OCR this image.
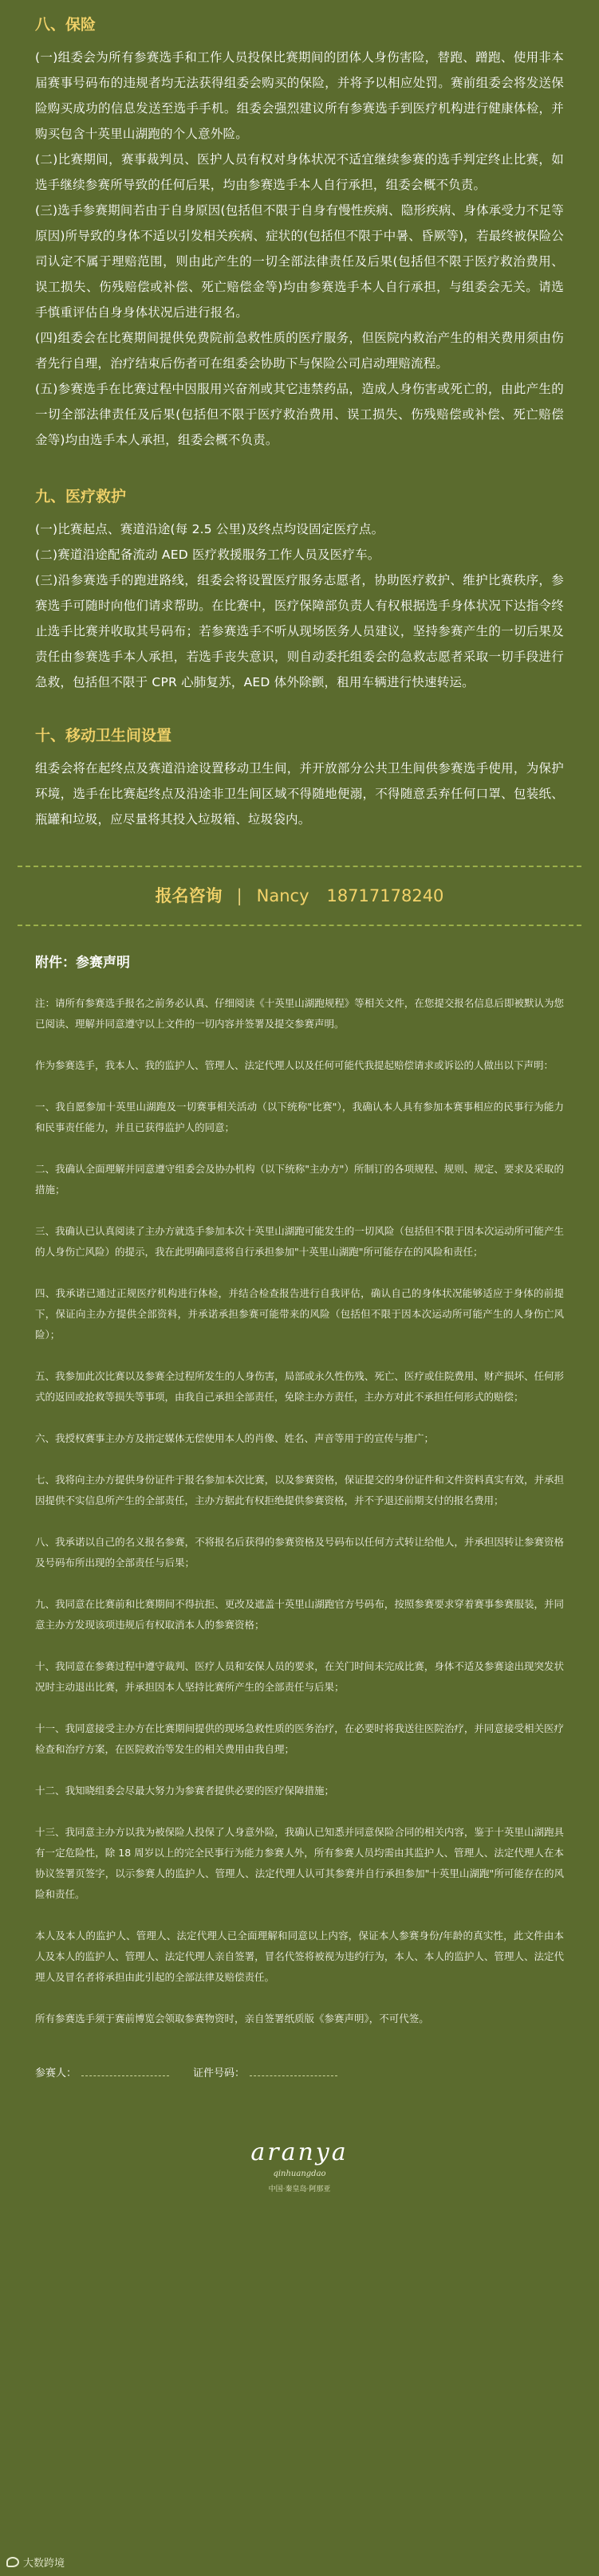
八、保险

(一)组委会为所有参赛选手和工作人员投保比赛期间的团体人身伤害险，替跑、蹭跑、使用非本届赛事号码布的违规者均无法获得组委会购买的保险，并将予以相应处罚。赛前组委会将发送保险购买成功的信息发送至选手手机。组委会强烈建议所有参赛选手到医疗机构进行健康体检，并购买包含十英里山湖跑的个人意外险。

(二)比赛期间，赛事裁判员、医护人员有权对身体状况不适宜继续参赛的选手判定终止比赛，如选手继续参赛所导致的任何后果，均由参赛选手本人自行承担，组委会概不负责。

(三)选手参赛期间若由于自身原因(包括但不限于自身有慢性疾病、隐形疾病、身体承受力不足等原因)所导致的身体不适以引发相关疾病、症状的(包括但不限于中暑、昏厥等)，若最终被保险公司认定不属于理赔范围，则由此产生的一切全部法律责任及后果(包括但不限于医疗救治费用、误工损失、伤残赔偿或补偿、死亡赔偿金等)均由参赛选手本人自行承担，与组委会无关。请选手慎重评估自身身体状况后进行报名。

(四)组委会在比赛期间提供免费院前急救性质的医疗服务，但医院内救治产生的相关费用须由伤者先行自理，治疗结束后伤者可在组委会协助下与保险公司启动理赔流程。

(五)参赛选手在比赛过程中因服用兴奋剂或其它违禁药品，造成人身伤害或死亡的，由此产生的一切全部法律责任及后果(包括但不限于医疗救治费用、误工损失、伤残赔偿或补偿、死亡赔偿金等)均由选手本人承担，组委会概不负责。

九、医疗救护

(一)比赛起点、赛道沿途(每 2.5 公里)及终点均设固定医疗点。

(二)赛道沿途配备流动 AED 医疗救援服务工作人员及医疗车。

(三)沿参赛选手的跑进路线，组委会将设置医疗服务志愿者，协助医疗救护、维护比赛秩序，参赛选手可随时向他们请求帮助。在比赛中，医疗保障部负责人有权根据选手身体状况下达指令终止选手比赛并收取其号码布；若参赛选手不听从现场医务人员建议，坚持参赛产生的一切后果及责任由参赛选手本人承担，若选手丧失意识，则自动委托组委会的急救志愿者采取一切手段进行急救，包括但不限于 CPR 心肺复苏，AED 体外除颤，租用车辆进行快速转运。

十、移动卫生间设置

组委会将在起终点及赛道沿途设置移动卫生间，并开放部分公共卫生间供参赛选手使用，为保护环境，选手在比赛起终点及沿途非卫生间区域不得随地便溺，不得随意丢弃任何口罩、包装纸、瓶罐和垃圾，应尽量将其投入垃圾箱、垃圾袋内。

报名咨询 | Nancy 18717178240
附件：参赛声明

注：请所有参赛选手报名之前务必认真、仔细阅读《十英里山湖跑规程》等相关文件，在您提交报名信息后即被默认为您已阅读、理解并同意遵守以上文件的一切内容并签署及提交参赛声明。

作为参赛选手，我本人、我的监护人、管理人、法定代理人以及任何可能代我提起赔偿请求或诉讼的人做出以下声明：

一、我自愿参加十英里山湖跑及一切赛事相关活动（以下统称"比赛"），我确认本人具有参加本赛事相应的民事行为能力和民事责任能力，并且已获得监护人的同意；

二、我确认全面理解并同意遵守组委会及协办机构（以下统称"主办方"）所制订的各项规程、规则、规定、要求及采取的措施；

三、我确认已认真阅读了主办方就选手参加本次十英里山湖跑可能发生的一切风险（包括但不限于因本次运动所可能产生的人身伤亡风险）的提示，我在此明确同意将自行承担参加"十英里山湖跑"所可能存在的风险和责任；

四、我承诺已通过正规医疗机构进行体检，并结合检查报告进行自我评估，确认自己的身体状况能够适应于身体的前提下，保证向主办方提供全部资料，并承诺承担参赛可能带来的风险（包括但不限于因本次运动所可能产生的人身伤亡风险）；

五、我参加此次比赛以及参赛全过程所发生的人身伤害，局部或永久性伤残、死亡、医疗或住院费用、财产损坏、任何形式的返回或抢救等损失等事项，由我自己承担全部责任，免除主办方责任，主办方对此不承担任何形式的赔偿；

六、我授权赛事主办方及指定媒体无偿使用本人的肖像、姓名、声音等用于的宣传与推广；

七、我将向主办方提供身份证件于报名参加本次比赛，以及参赛资格，保证提交的身份证件和文件资料真实有效，并承担因提供不实信息所产生的全部责任，主办方据此有权拒绝提供参赛资格，并不予退还前期支付的报名费用；

八、我承诺以自己的名义报名参赛，不将报名后获得的参赛资格及号码布以任何方式转让给他人，并承担因转让参赛资格及号码布所出现的全部责任与后果；

九、我同意在比赛前和比赛期间不得抗拒、更改及遮盖十英里山湖跑官方号码布，按照参赛要求穿着赛事参赛服装，并同意主办方发现该项违规后有权取消本人的参赛资格；

十、我同意在参赛过程中遵守裁判、医疗人员和安保人员的要求，在关门时间未完成比赛，身体不适及参赛途出现突发状况时主动退出比赛，并承担因本人坚持比赛所产生的全部责任与后果；

十一、我同意接受主办方在比赛期间提供的现场急救性质的医务治疗，在必要时将我送往医院治疗，并同意接受相关医疗检查和治疗方案，在医院救治等发生的相关费用由我自理；

十二、我知晓组委会尽最大努力为参赛者提供必要的医疗保障措施；

十三、我同意主办方以我为被保险人投保了人身意外险，我确认已知悉并同意保险合同的相关内容，鉴于十英里山湖跑具有一定危险性，除 18 周岁以上的完全民事行为能力参赛人外，所有参赛人员均需由其监护人、管理人、法定代理人在本协议签署页签字，以示参赛人的监护人、管理人、法定代理人认可其参赛并自行承担参加"十英里山湖跑"所可能存在的风险和责任。

本人及本人的监护人、管理人、法定代理人已全面理解和同意以上内容，保证本人参赛身份/年龄的真实性，此文件由本人及本人的监护人、管理人、法定代理人亲自签署，冒名代签将被视为违约行为，本人、本人的监护人、管理人、法定代理人及冒名者将承担由此引起的全部法律及赔偿责任。

所有参赛选手须于赛前博览会领取参赛物资时，亲自签署纸质版《参赛声明》，不可代签。

参赛人：	证件号码：
aranya
qinhuangdao
中国·秦皇岛·阿那亚
大数跨境
